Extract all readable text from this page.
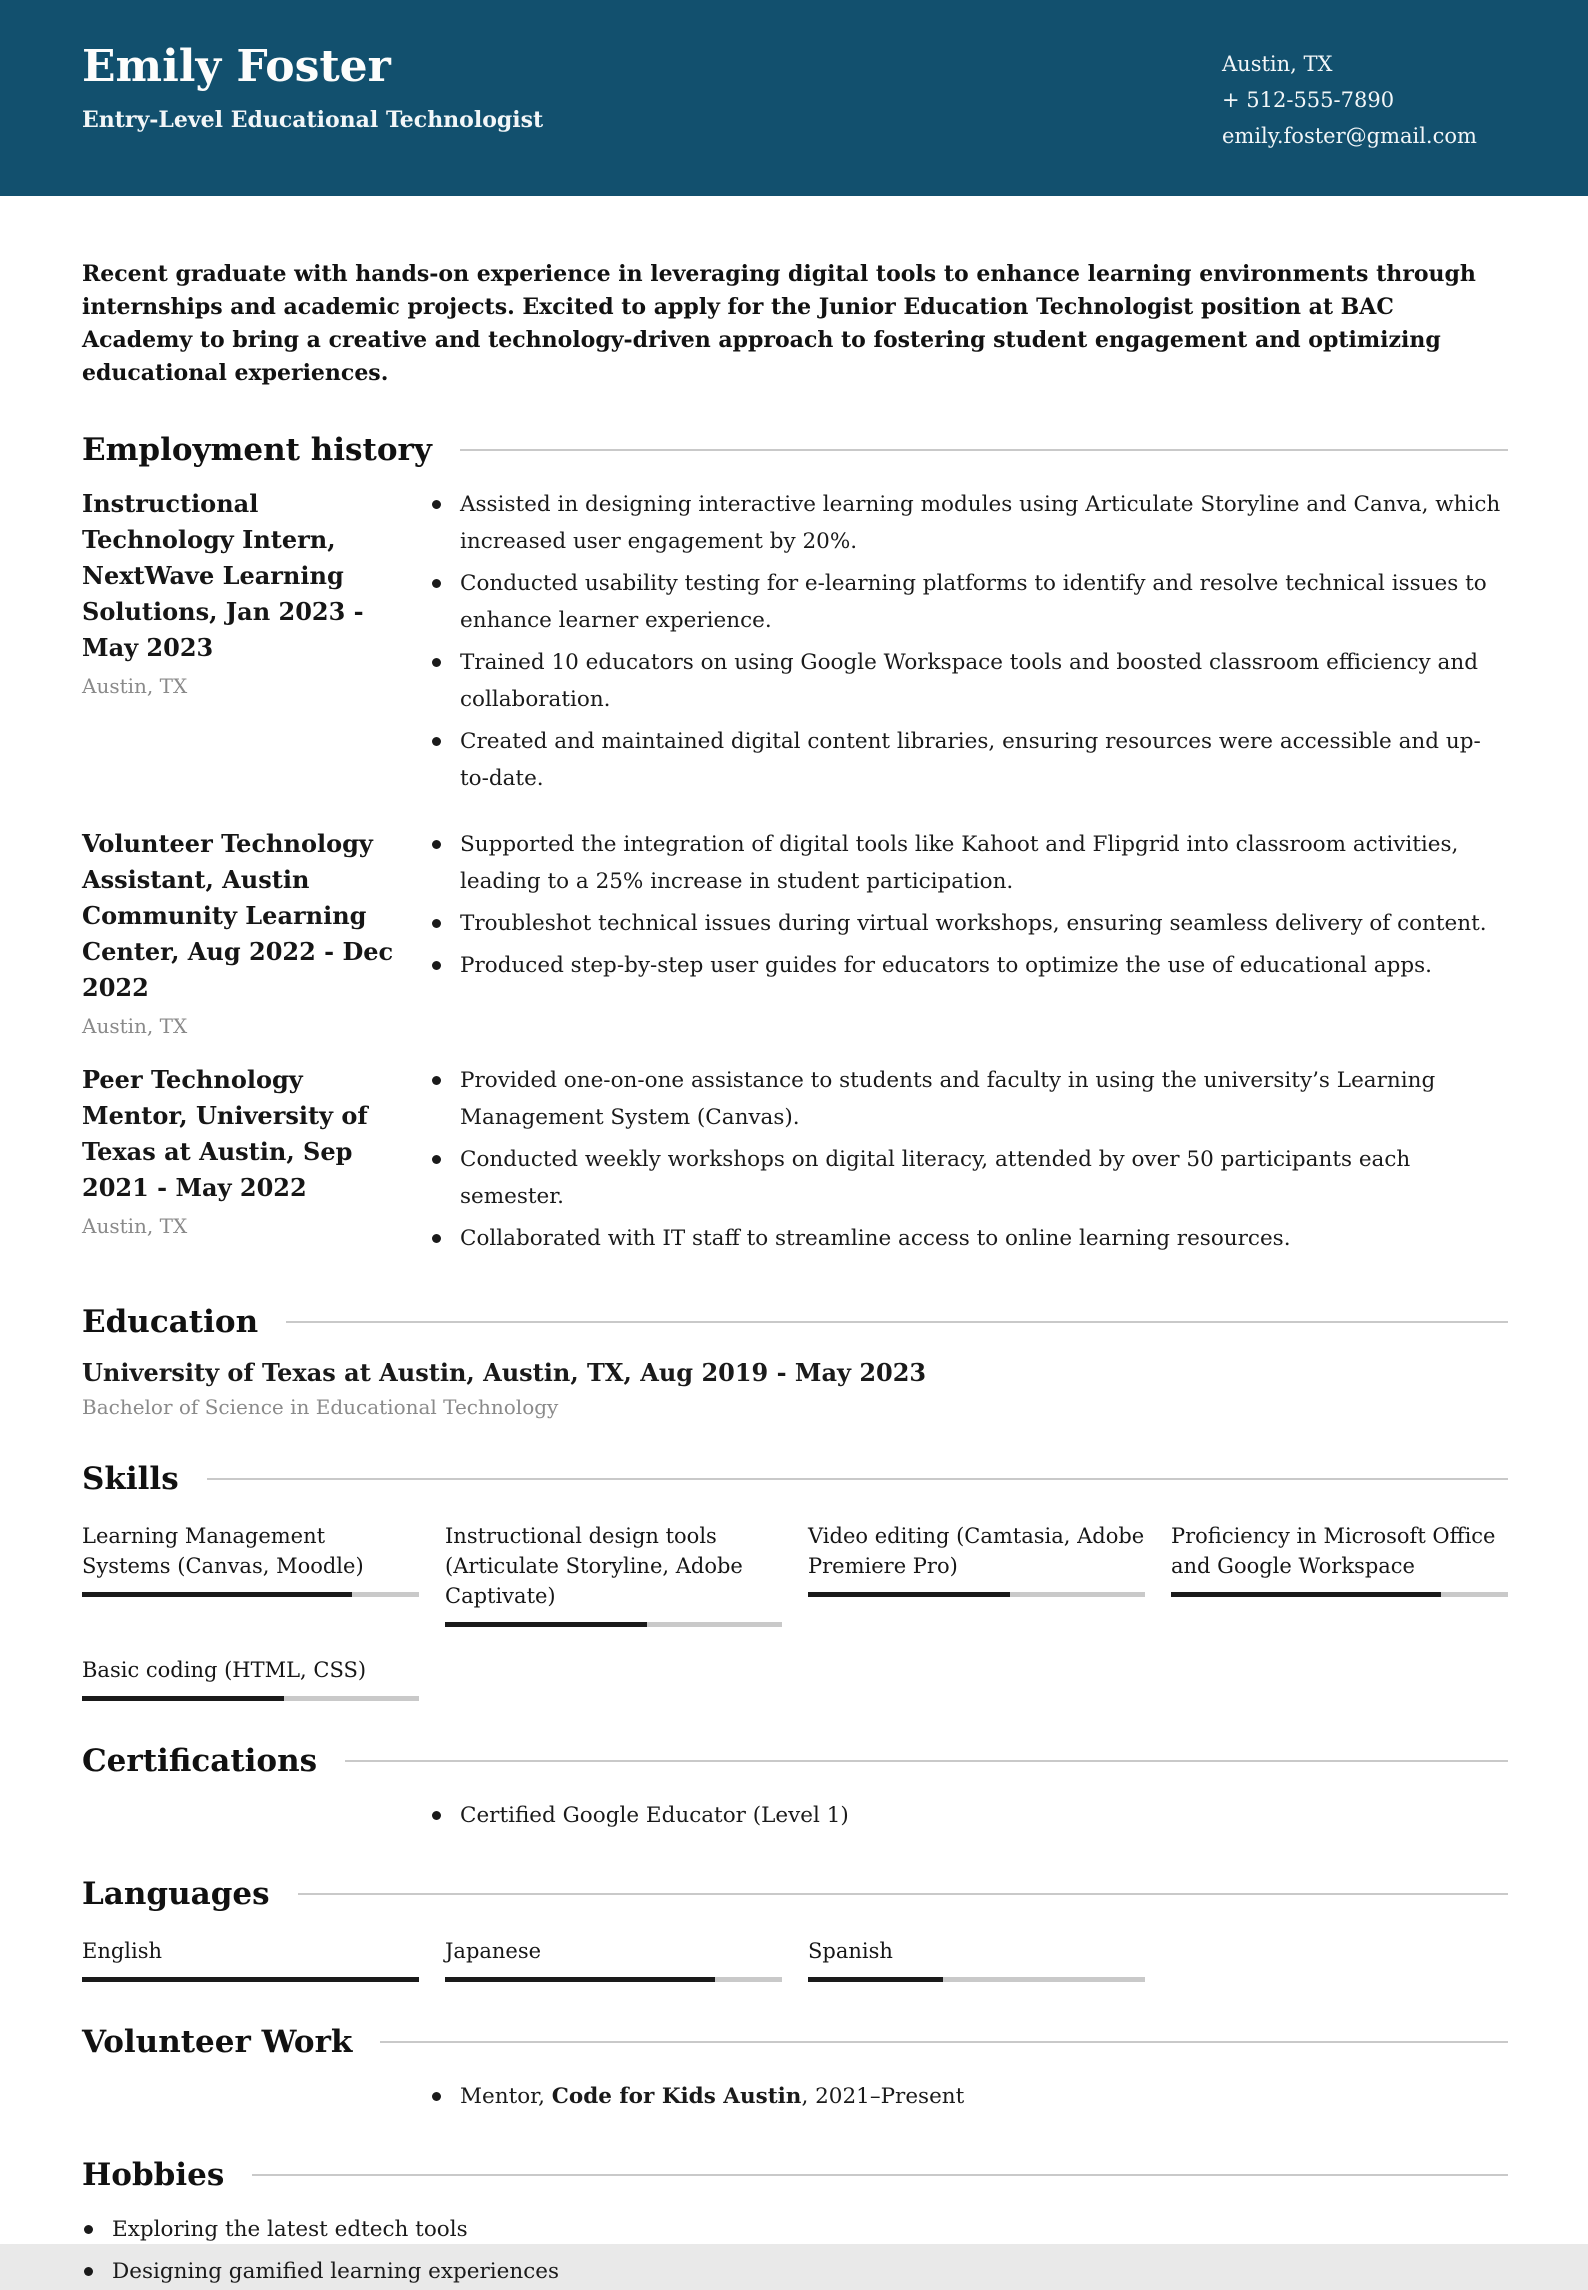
Emily Foster
Entry-Level Educational Technologist
Austin, TX
+ 512-555-7890
emily.foster@gmail.com

Recent graduate with hands-on experience in leveraging digital tools to enhance learning environments through internships and academic projects. Excited to apply for the Junior Education Technologist position at BAC Academy to bring a creative and technology-driven approach to fostering student engagement and optimizing educational experiences.

Employment history
Instructional Technology Intern, NextWave Learning Solutions, Jan 2023 - May 2023
Austin, TX
Assisted in designing interactive learning modules using Articulate Storyline and Canva, which increased user engagement by 20%.
Conducted usability testing for e-learning platforms to identify and resolve technical issues to enhance learner experience.
Trained 10 educators on using Google Workspace tools and boosted classroom efficiency and collaboration.
Created and maintained digital content libraries, ensuring resources were accessible and up-to-date.
Volunteer Technology Assistant, Austin Community Learning Center, Aug 2022 - Dec 2022
Austin, TX
Supported the integration of digital tools like Kahoot and Flipgrid into classroom activities, leading to a 25% increase in student participation.
Troubleshot technical issues during virtual workshops, ensuring seamless delivery of content.
Produced step-by-step user guides for educators to optimize the use of educational apps.
Peer Technology Mentor, University of Texas at Austin, Sep 2021 - May 2022
Austin, TX
Provided one-on-one assistance to students and faculty in using the university’s Learning Management System (Canvas).
Conducted weekly workshops on digital literacy, attended by over 50 participants each semester.
Collaborated with IT staff to streamline access to online learning resources.
Education
University of Texas at Austin, Austin, TX, Aug 2019 - May 2023
Bachelor of Science in Educational Technology
Skills
Learning Management Systems (Canvas, Moodle)
Instructional design tools (Articulate Storyline, Adobe Captivate)
Video editing (Camtasia, Adobe Premiere Pro)
Proficiency in Microsoft Office and Google Workspace
Basic coding (HTML, CSS)
Certifications
Certified Google Educator (Level 1)
Languages
English	Japanese	Spanish
Volunteer Work
Mentor, Code for Kids Austin, 2021–Present
Hobbies
Exploring the latest edtech tools
Designing gamified learning experiences
